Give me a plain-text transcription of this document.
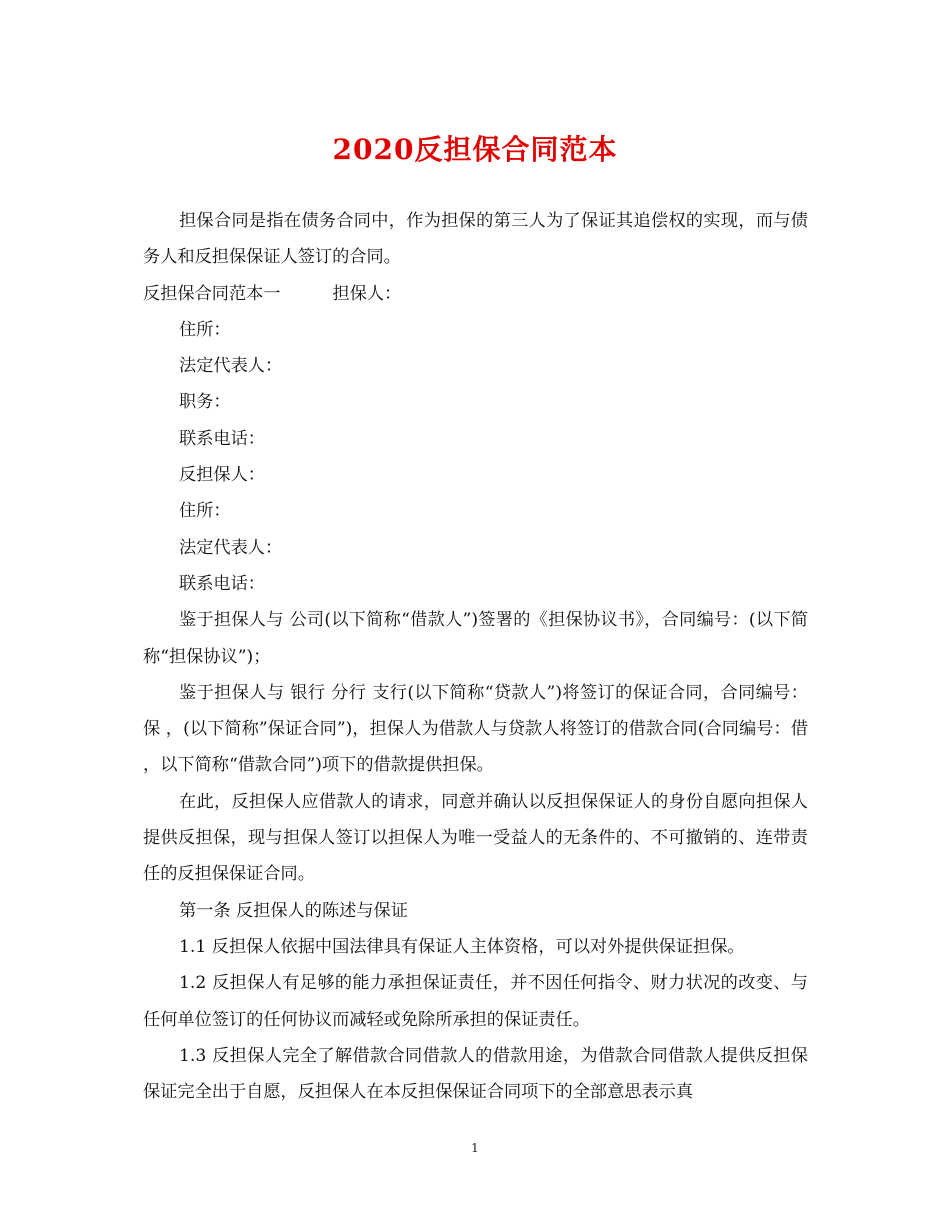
2020反担保合同范本

担保合同是指在债务合同中，作为担保的第三人为了保证其追偿权的实现，而与债务人和反担保保证人签订的合同。

反担保合同范本一	担保人：

住所：

法定代表人：

职务：

联系电话：

反担保人：

住所：

法定代表人：

联系电话：

鉴于担保人与 公司(以下简称“借款人”)签署的《担保协议书》，合同编号：(以下简称“担保协议”)；

鉴于担保人与 银行 分行 支行(以下简称“贷款人”)将签订的保证合同，合同编号：保 ，(以下简称”保证合同”)，担保人为借款人与贷款人将签订的借款合同(合同编号：借 ，以下简称“借款合同”)项下的借款提供担保。

在此，反担保人应借款人的请求，同意并确认以反担保保证人的身份自愿向担保人提供反担保，现与担保人签订以担保人为唯一受益人的无条件的、不可撤销的、连带责任的反担保保证合同。

第一条 反担保人的陈述与保证

1.1 反担保人依据中国法律具有保证人主体资格，可以对外提供保证担保。

1.2 反担保人有足够的能力承担保证责任，并不因任何指令、财力状况的改变、与任何单位签订的任何协议而减轻或免除所承担的保证责任。

1.3 反担保人完全了解借款合同借款人的借款用途，为借款合同借款人提供反担保保证完全出于自愿，反担保人在本反担保保证合同项下的全部意思表示真

1
